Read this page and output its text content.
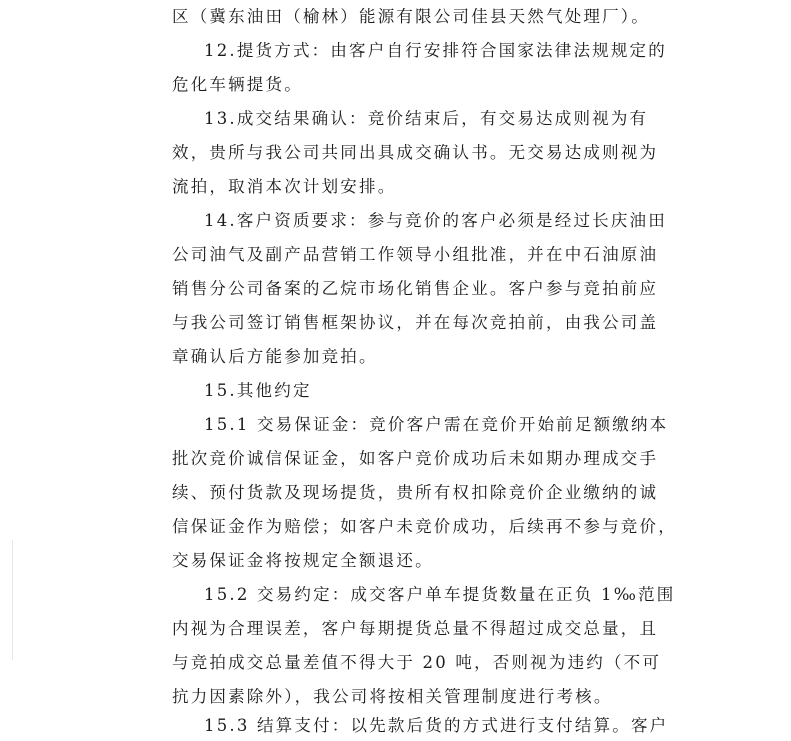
区（冀东油田（榆林）能源有限公司佳县天然气处理厂）。
12.提货方式：由客户自行安排符合国家法律法规规定的
危化车辆提货。
13.成交结果确认：竞价结束后，有交易达成则视为有
效，贵所与我公司共同出具成交确认书。无交易达成则视为
流拍，取消本次计划安排。
14.客户资质要求：参与竞价的客户必须是经过长庆油田
公司油气及副产品营销工作领导小组批准，并在中石油原油
销售分公司备案的乙烷市场化销售企业。客户参与竞拍前应
与我公司签订销售框架协议，并在每次竞拍前，由我公司盖
章确认后方能参加竞拍。
15.其他约定
15.1 交易保证金：竞价客户需在竞价开始前足额缴纳本
批次竞价诚信保证金，如客户竞价成功后未如期办理成交手
续、预付货款及现场提货，贵所有权扣除竞价企业缴纳的诚
信保证金作为赔偿；如客户未竞价成功，后续再不参与竞价，
交易保证金将按规定全额退还。
15.2 交易约定：成交客户单车提货数量在正负 1‰范围
内视为合理误差，客户每期提货总量不得超过成交总量，且
与竞拍成交总量差值不得大于 20 吨，否则视为违约（不可
抗力因素除外），我公司将按相关管理制度进行考核。
15.3 结算支付：以先款后货的方式进行支付结算。客户
